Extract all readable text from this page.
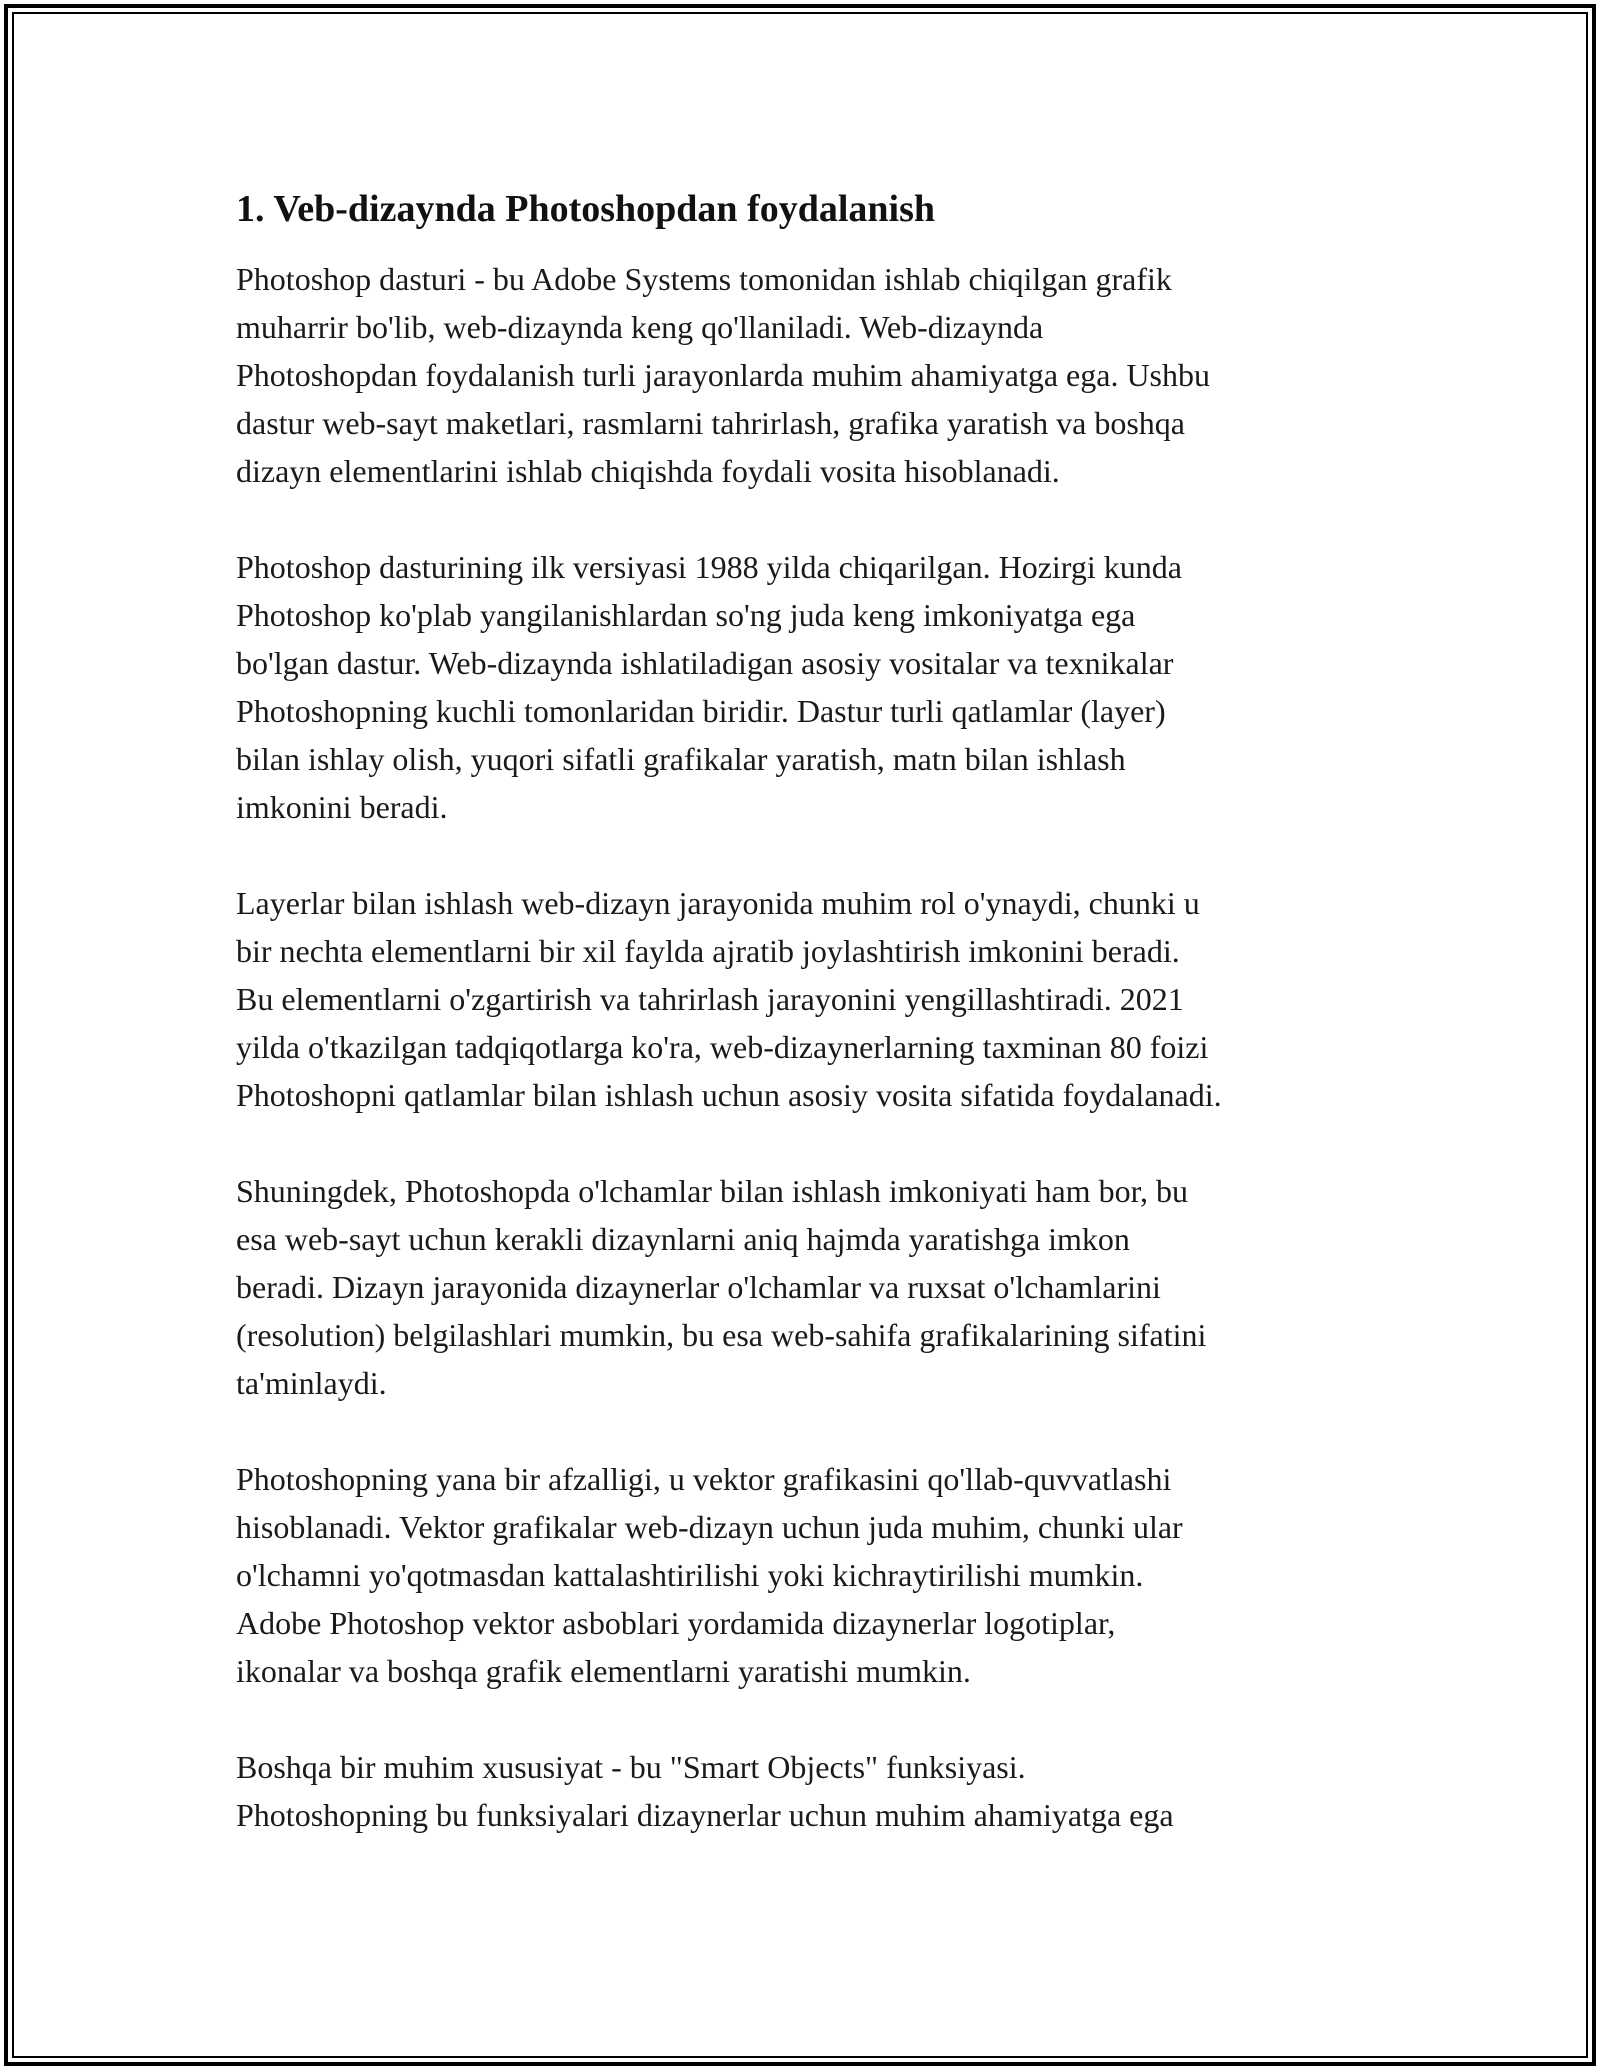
1. Veb-dizaynda Photoshopdan foydalanish

Photoshop dasturi - bu Adobe Systems tomonidan ishlab chiqilgan grafik
muharrir bo'lib, web-dizaynda keng qo'llaniladi. Web-dizaynda
Photoshopdan foydalanish turli jarayonlarda muhim ahamiyatga ega. Ushbu
dastur web-sayt maketlari, rasmlarni tahrirlash, grafika yaratish va boshqa
dizayn elementlarini ishlab chiqishda foydali vosita hisoblanadi.

Photoshop dasturining ilk versiyasi 1988 yilda chiqarilgan. Hozirgi kunda
Photoshop ko'plab yangilanishlardan so'ng juda keng imkoniyatga ega
bo'lgan dastur. Web-dizaynda ishlatiladigan asosiy vositalar va texnikalar
Photoshopning kuchli tomonlaridan biridir. Dastur turli qatlamlar (layer)
bilan ishlay olish, yuqori sifatli grafikalar yaratish, matn bilan ishlash
imkonini beradi.

Layerlar bilan ishlash web-dizayn jarayonida muhim rol o'ynaydi, chunki u
bir nechta elementlarni bir xil faylda ajratib joylashtirish imkonini beradi.
Bu elementlarni o'zgartirish va tahrirlash jarayonini yengillashtiradi. 2021
yilda o'tkazilgan tadqiqotlarga ko'ra, web-dizaynerlarning taxminan 80 foizi
Photoshopni qatlamlar bilan ishlash uchun asosiy vosita sifatida foydalanadi.

Shuningdek, Photoshopda o'lchamlar bilan ishlash imkoniyati ham bor, bu
esa web-sayt uchun kerakli dizaynlarni aniq hajmda yaratishga imkon
beradi. Dizayn jarayonida dizaynerlar o'lchamlar va ruxsat o'lchamlarini
(resolution) belgilashlari mumkin, bu esa web-sahifa grafikalarining sifatini
ta'minlaydi.

Photoshopning yana bir afzalligi, u vektor grafikasini qo'llab-quvvatlashi
hisoblanadi. Vektor grafikalar web-dizayn uchun juda muhim, chunki ular
o'lchamni yo'qotmasdan kattalashtirilishi yoki kichraytirilishi mumkin.
Adobe Photoshop vektor asboblari yordamida dizaynerlar logotiplar,
ikonalar va boshqa grafik elementlarni yaratishi mumkin.

Boshqa bir muhim xususiyat - bu "Smart Objects" funksiyasi.
Photoshopning bu funksiyalari dizaynerlar uchun muhim ahamiyatga ega
